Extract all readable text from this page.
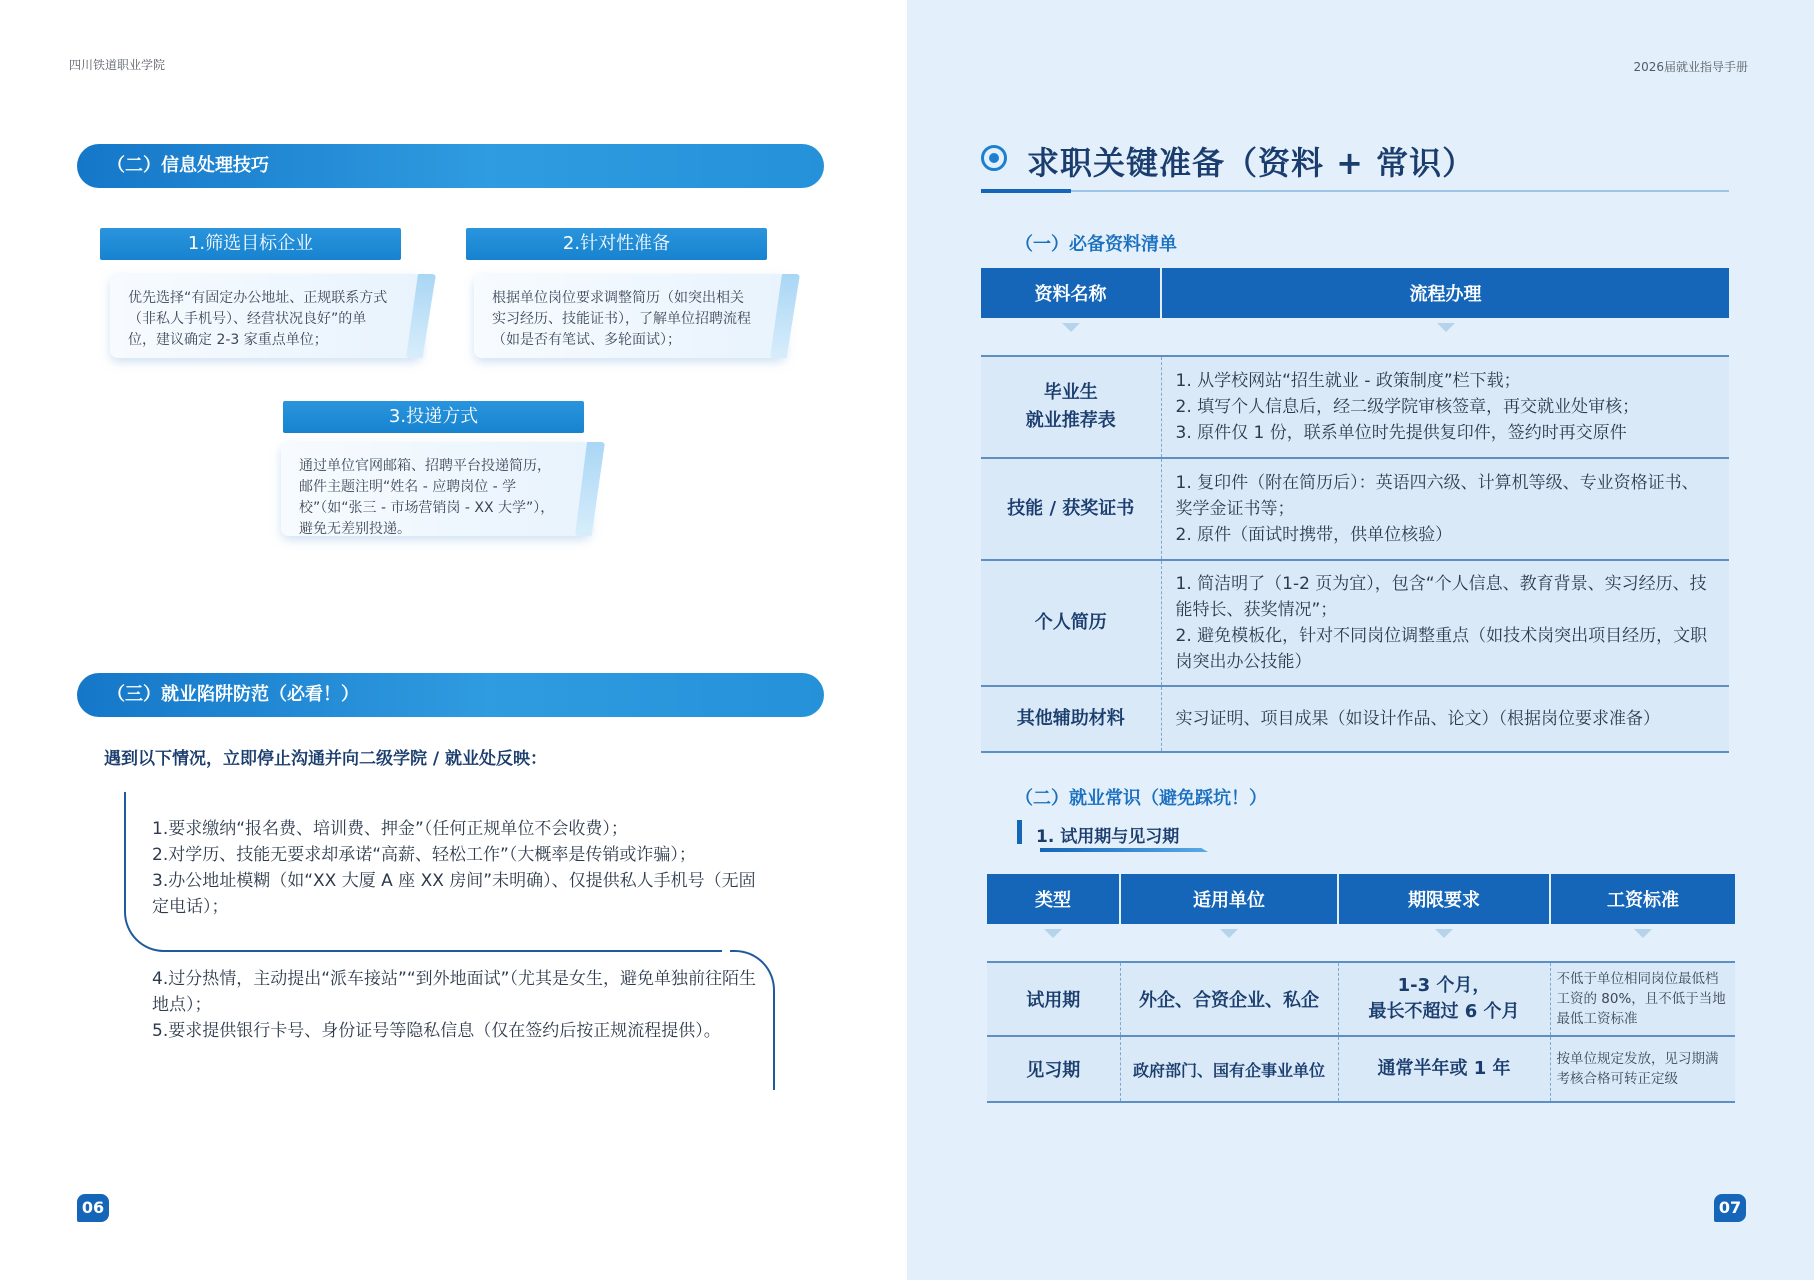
四川铁道职业学院
（二）信息处理技巧
1.筛选目标企业
优先选择“有固定办公地址、正规联系方式（非私人手机号）、经营状况良好”的单位，建议确定 2-3 家重点单位；
2.针对性准备
根据单位岗位要求调整简历（如突出相关实习经历、技能证书），了解单位招聘流程（如是否有笔试、多轮面试）；
3.投递方式
通过单位官网邮箱、招聘平台投递简历，邮件主题注明“姓名 - 应聘岗位 - 学校”（如“张三 - 市场营销岗 - XX 大学”），避免无差别投递。
（三）就业陷阱防范（必看！）
遇到以下情况，立即停止沟通并向二级学院 / 就业处反映：
1.要求缴纳“报名费、培训费、押金”（任何正规单位不会收费）；
2.对学历、技能无要求却承诺“高薪、轻松工作”（大概率是传销或诈骗）；
3.办公地址模糊（如“XX 大厦 A 座 XX 房间”未明确）、仅提供私人手机号（无固定电话）；
4.过分热情，主动提出“派车接站”“到外地面试”（尤其是女生，避免单独前往陌生地点）；
5.要求提供银行卡号、身份证号等隐私信息（仅在签约后按正规流程提供）。
06
2026届就业指导手册
求职关键准备（资料 + 常识）
（一）必备资料清单
资料名称	流程办理

毕业生
就业推荐表	1. 从学校网站“招生就业 - 政策制度”栏下载；
2. 填写个人信息后，经二级学院审核签章，再交就业处审核；
3. 原件仅 1 份，联系单位时先提供复印件，签约时再交原件
技能 / 获奖证书	1. 复印件（附在简历后）：英语四六级、计算机等级、专业资格证书、奖学金证书等；
2. 原件（面试时携带，供单位核验）
个人简历	1. 简洁明了（1-2 页为宜），包含“个人信息、教育背景、实习经历、技能特长、获奖情况”；
2. 避免模板化，针对不同岗位调整重点（如技术岗突出项目经历，文职岗突出办公技能）
其他辅助材料	实习证明、项目成果（如设计作品、论文）（根据岗位要求准备）
（二）就业常识（避免踩坑！）
1. 试用期与见习期
类型	适用单位	期限要求	工资标准

试用期	外企、合资企业、私企	1-3 个月，
最长不超过 6 个月	不低于单位相同岗位最低档工资的 80%，且不低于当地最低工资标准
见习期	政府部门、国有企事业单位	通常半年或 1 年	按单位规定发放，见习期满考核合格可转正定级
07
